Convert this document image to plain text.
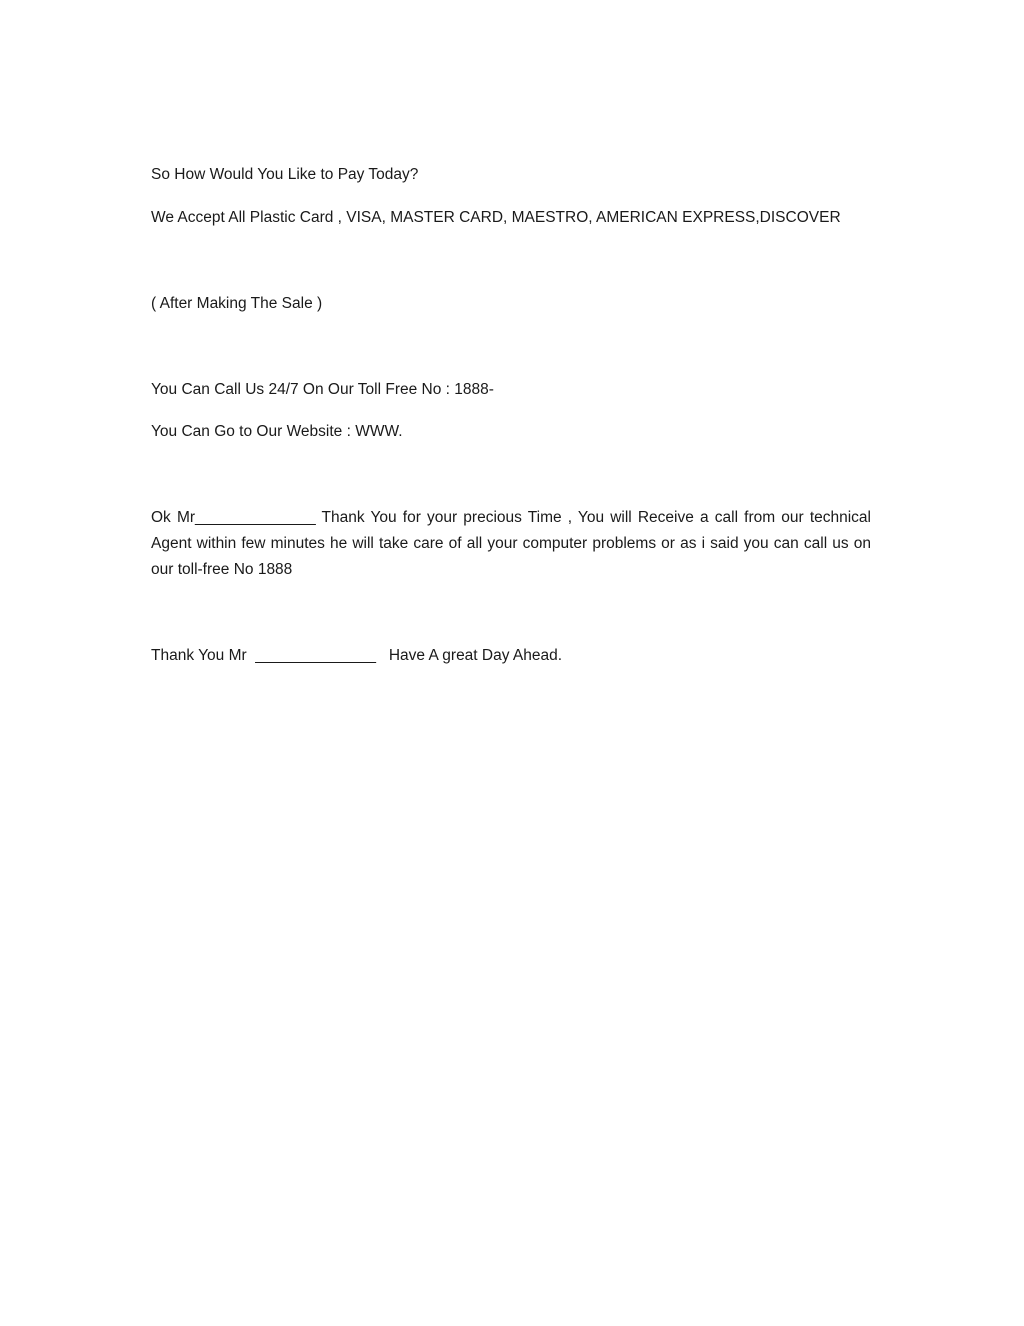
So How Would You Like to Pay Today?

We Accept All Plastic Card , VISA, MASTER CARD, MAESTRO, AMERICAN EXPRESS,DISCOVER

( After Making The Sale )

You Can Call Us 24/7 On Our Toll Free No : 1888-

You Can Go to Our Website : WWW.

Ok Mr______________ Thank You for your precious Time , You will Receive a call from our technical Agent within few minutes he will take care of all your computer problems or as i said you can call us on our toll-free No 1888

Thank You Mr  ______________   Have A great Day Ahead.
